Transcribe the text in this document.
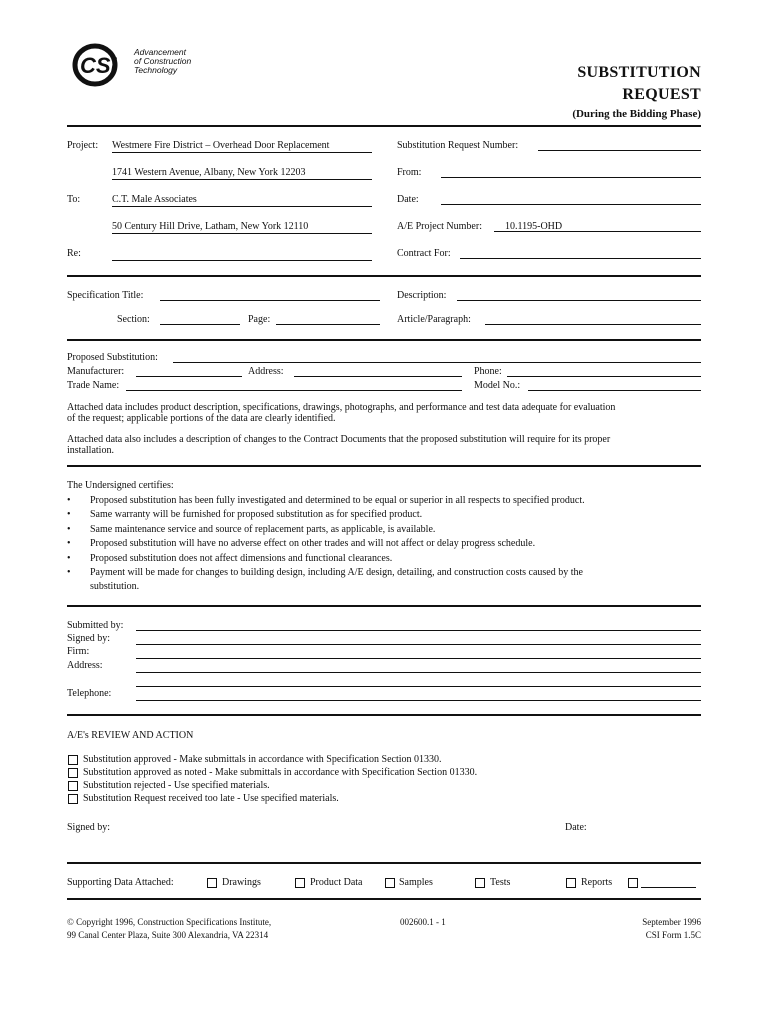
CSI
Advancement
of Construction
Technology	SUBSTITUTION
REQUEST
(During the Bidding Phase)
Project: Westmere Fire District – Overhead Door Replacement
1741 Western Avenue, Albany, New York 12203
To:	C.T. Male Associates
50 Century Hill Drive, Latham, New York 12110
Re:
Substitution Request Number:
From:
Date:
A/E Project Number: 10.1195-OHD
Contract For:
Specification Title:
Section:	Page:
Description:
Article/Paragraph:
Proposed Substitution:
Manufacturer:	Address:	Phone:
Trade Name:	Model No.:
Attached data includes product description, specifications, drawings, photographs, and performance and test data adequate for evaluation
of the request; applicable portions of the data are clearly identified.
Attached data also includes a description of changes to the Contract Documents that the proposed substitution will require for its proper
installation.
The Undersigned certifies:
• Proposed substitution has been fully investigated and determined to be equal or superior in all respects to specified product.
• Same warranty will be furnished for proposed substitution as for specified product.
• Same maintenance service and source of replacement parts, as applicable, is available.
• Proposed substitution will have no adverse effect on other trades and will not affect or delay progress schedule.
• Proposed substitution does not affect dimensions and functional clearances.
• Payment will be made for changes to building design, including A/E design, detailing, and construction costs caused by the
substitution.
Submitted by:
Signed by:
Firm:
Address:
Telephone:
A/E's REVIEW AND ACTION
Substitution approved - Make submittals in accordance with Specification Section 01330.
Substitution approved as noted - Make submittals in accordance with Specification Section 01330.
Substitution rejected - Use specified materials.
Substitution Request received too late - Use specified materials.
Signed by:	Date:
Supporting Data Attached:	Drawings	Product Data	Samples	Tests	Reports
© Copyright 1996, Construction Specifications Institute,
99 Canal Center Plaza, Suite 300 Alexandria, VA 22314
002600.1 - 1	September 1996
CSI Form 1.5C
